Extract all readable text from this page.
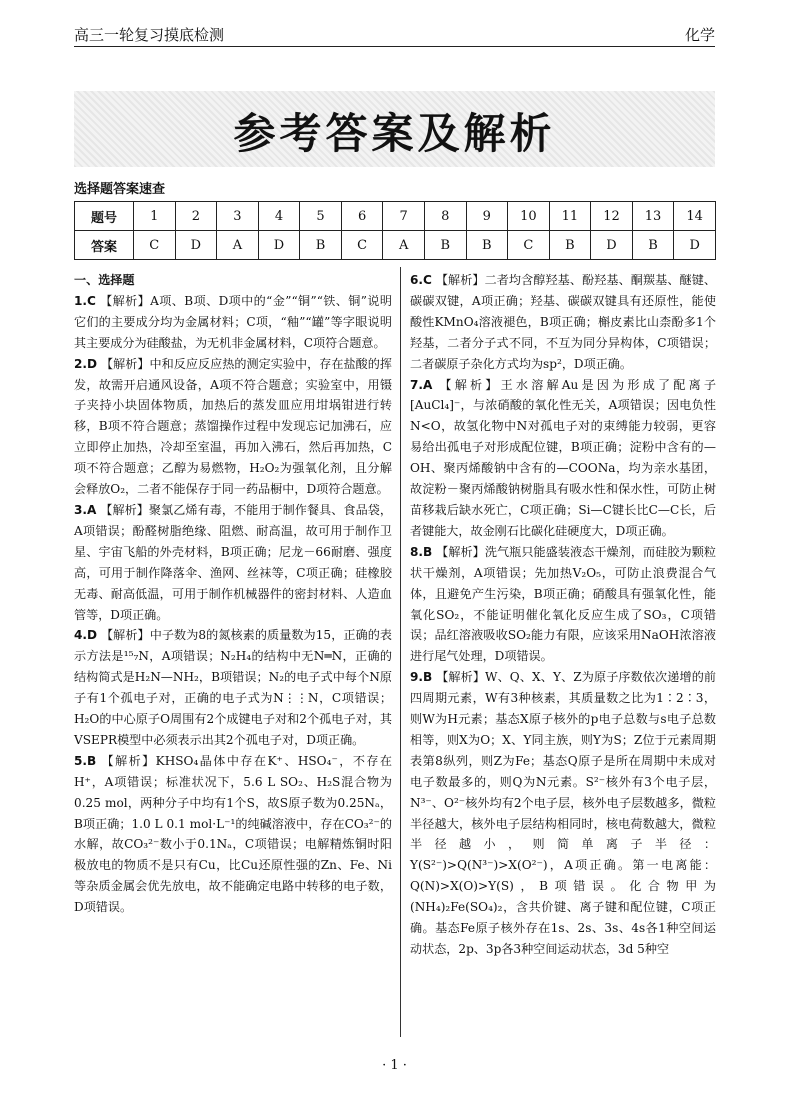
高三一轮复习摸底检测	化学
参考答案及解析
选择题答案速查
题号	1	2	3	4	5	6	7	8	9	10	11	12	13	14
答案	C	D	A	D	B	C	A	B	B	C	B	D	B	D

一、选择题

1.C 【解析】A项、B项、D项中的“金”“铜”“铁、铜”说明它们的主要成分均为金属材料；C项，“釉”“罐”等字眼说明其主要成分为硅酸盐，为无机非金属材料，C项符合题意。

2.D 【解析】中和反应反应热的测定实验中，存在盐酸的挥发，故需开启通风设备，A项不符合题意；实验室中，用镊子夹持小块固体物质，加热后的蒸发皿应用坩埚钳进行转移，B项不符合题意；蒸馏操作过程中发现忘记加沸石，应立即停止加热，冷却至室温，再加入沸石，然后再加热，C项不符合题意；乙醇为易燃物，H₂O₂为强氧化剂，且分解会释放O₂，二者不能保存于同一药品橱中，D项符合题意。

3.A 【解析】聚氯乙烯有毒，不能用于制作餐具、食品袋，A项错误；酚醛树脂绝缘、阻燃、耐高温，故可用于制作卫星、宇宙飞船的外壳材料，B项正确；尼龙－66耐磨、强度高，可用于制作降落伞、渔网、丝袜等，C项正确；硅橡胶无毒、耐高低温，可用于制作机械器件的密封材料、人造血管等，D项正确。

4.D 【解析】中子数为8的氮核素的质量数为15，正确的表示方法是¹⁵₇N，A项错误；N₂H₄的结构中无N═N，正确的结构简式是H₂N—NH₂，B项错误；N₂的电子式中每个N原子有1个孤电子对，正确的电子式为N⋮⋮N，C项错误；H₂O的中心原子O周围有2个成键电子对和2个孤电子对，其VSEPR模型中必须表示出其2个孤电子对，D项正确。

5.B 【解析】KHSO₄晶体中存在K⁺、HSO₄⁻，不存在H⁺，A项错误；标准状况下，5.6 L SO₂、H₂S混合物为0.25 mol，两种分子中均有1个S，故S原子数为0.25Nₐ，B项正确；1.0 L 0.1 mol·L⁻¹的纯碱溶液中，存在CO₃²⁻的水解，故CO₃²⁻数小于0.1Nₐ，C项错误；电解精炼铜时阳极放电的物质不是只有Cu，比Cu还原性强的Zn、Fe、Ni等杂质金属会优先放电，故不能确定电路中转移的电子数，D项错误。

6.C 【解析】二者均含醇羟基、酚羟基、酮羰基、醚键、碳碳双键，A项正确；羟基、碳碳双键具有还原性，能使酸性KMnO₄溶液褪色，B项正确；槲皮素比山柰酚多1个羟基，二者分子式不同，不互为同分异构体，C项错误；二者碳原子杂化方式均为sp²，D项正确。

7.A 【解析】王水溶解Au是因为形成了配离子[AuCl₄]⁻，与浓硝酸的氧化性无关，A项错误；因电负性N<O，故氢化物中N对孤电子对的束缚能力较弱，更容易给出孤电子对形成配位键，B项正确；淀粉中含有的—OH、聚丙烯酸钠中含有的—COONa，均为亲水基团，故淀粉－聚丙烯酸钠树脂具有吸水性和保水性，可防止树苗移栽后缺水死亡，C项正确；Si—C键长比C—C长，后者键能大，故金刚石比碳化硅硬度大，D项正确。

8.B 【解析】洗气瓶只能盛装液态干燥剂，而硅胶为颗粒状干燥剂，A项错误；先加热V₂O₅，可防止浪费混合气体，且避免产生污染，B项正确；硝酸具有强氧化性，能氧化SO₂，不能证明催化氧化反应生成了SO₃，C项错误；品红溶液吸收SO₂能力有限，应该采用NaOH浓溶液进行尾气处理，D项错误。

9.B 【解析】W、Q、X、Y、Z为原子序数依次递增的前四周期元素，W有3种核素，其质量数之比为1∶2∶3，则W为H元素；基态X原子核外的p电子总数与s电子总数相等，则X为O；X、Y同主族，则Y为S；Z位于元素周期表第8纵列，则Z为Fe；基态Q原子是所在周期中未成对电子数最多的，则Q为N元素。S²⁻核外有3个电子层，N³⁻、O²⁻核外均有2个电子层，核外电子层数越多，微粒半径越大，核外电子层结构相同时，核电荷数越大，微粒半径越小，则简单离子半径：Y(S²⁻)>Q(N³⁻)>X(O²⁻)，A项正确。第一电离能：Q(N)>X(O)>Y(S)，B项错误。化合物甲为(NH₄)₂Fe(SO₄)₂，含共价键、离子键和配位键，C项正确。基态Fe原子核外存在1s、2s、3s、4s各1种空间运动状态，2p、3p各3种空间运动状态，3d 5种空

· 1 ·
